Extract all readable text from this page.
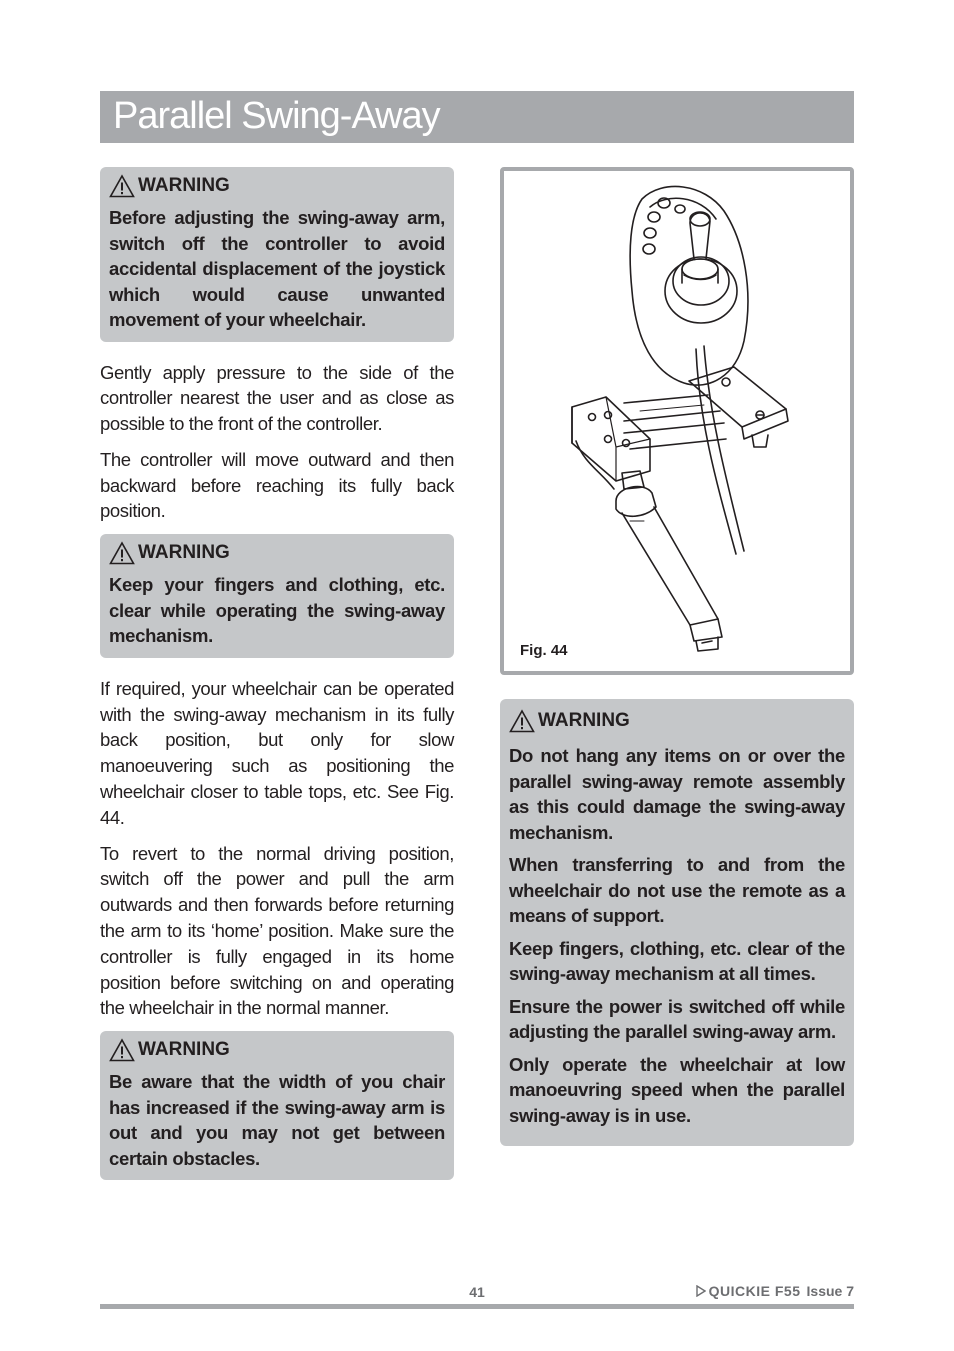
Parallel Swing-Away
WARNING

Before adjusting the swing-away arm, switch off the controller to avoid accidental displacement of the joystick which would cause unwanted movement of your wheelchair.

Gently apply pressure to the side of the controller nearest the user and as close as possible to the front of the controller.

The controller will move outward and then backward before reaching its fully back position.

WARNING

Keep your fingers and clothing, etc. clear while operating the swing-away mechanism.

If required, your wheelchair can be operated with the swing-away mechanism in its fully back position, but only for slow manoeuvering such as positioning the wheelchair closer to table tops, etc. See Fig. 44.

To revert to the normal driving position, switch off the power and pull the arm outwards and then forwards before returning the arm to its ‘home’ position. Make sure the controller is fully engaged in its home position before switching on and operating the wheelchair in the normal manner.

WARNING

Be aware that the width of you chair has increased if the swing-away arm is out and you may not get between certain obstacles.

Fig. 44
WARNING

Do not hang any items on or over the parallel swing-away remote assembly as this could damage the swing-away mechanism.

When transferring to and from the wheelchair do not use the remote as a means of support.

Keep fingers, clothing, etc. clear of the swing-away mechanism at all times.

Ensure the power is switched off while adjusting the parallel swing-away arm.

Only operate the wheelchair at low manoeuvring speed when the parallel swing-away is in use.

41	QUICKIE F55 Issue 7
